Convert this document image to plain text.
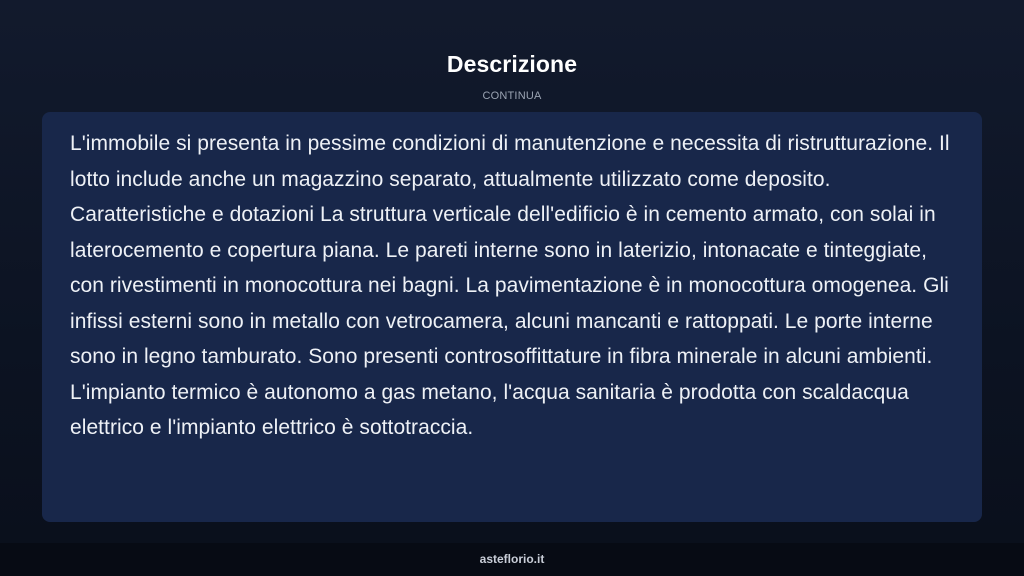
Descrizione
CONTINUA

L'immobile si presenta in pessime condizioni di manutenzione e necessita di ristrutturazione. Il lotto include anche un magazzino separato, attualmente utilizzato come deposito. Caratteristiche e dotazioni La struttura verticale dell'edificio è in cemento armato, con solai in laterocemento e copertura piana. Le pareti interne sono in laterizio, intonacate e tinteggiate, con rivestimenti in monocottura nei bagni. La pavimentazione è in monocottura omogenea. Gli infissi esterni sono in metallo con vetrocamera, alcuni mancanti e rattoppati. Le porte interne sono in legno tamburato. Sono presenti controsoffittature in fibra minerale in alcuni ambienti. L'impianto termico è autonomo a gas metano, l'acqua sanitaria è prodotta con scaldacqua elettrico e l'impianto elettrico è sottotraccia.

asteflorio.it
